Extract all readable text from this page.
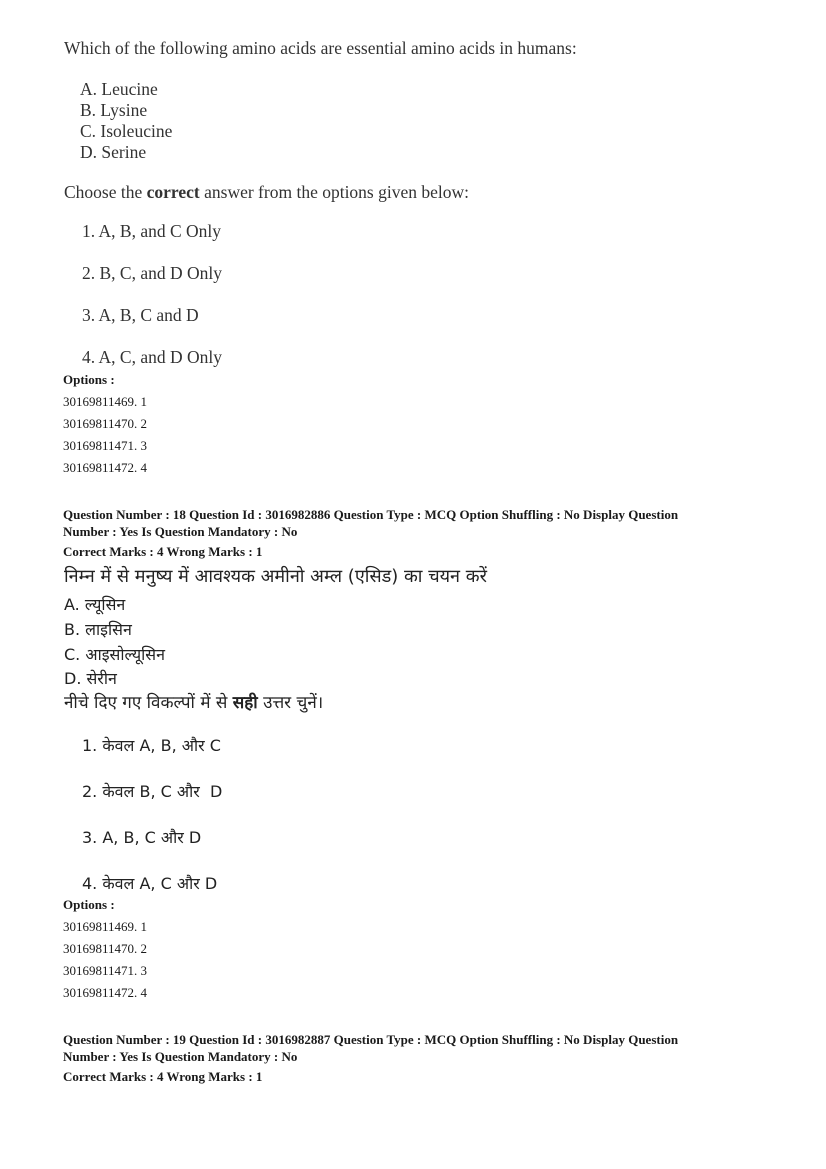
Which of the following amino acids are essential amino acids in humans:
A. Leucine
B. Lysine
C. Isoleucine
D. Serine
Choose the correct answer from the options given below:
1. A, B, and C Only
2. B, C, and D Only
3. A, B, C and D
4. A, C, and D Only
Options :
30169811469. 1
30169811470. 2
30169811471. 3
30169811472. 4
Question Number : 18 Question Id : 3016982886 Question Type : MCQ Option Shuffling : No Display Question
Number : Yes Is Question Mandatory : No
Correct Marks : 4 Wrong Marks : 1
निम्न में से मनुष्य में आवश्यक अमीनो अम्ल (एसिड) का चयन करें
A. ल्यूसिन
B. लाइसिन
C. आइसोल्यूसिन
D. सेरीन
नीचे दिए गए विकल्पों में से सही उत्तर चुनें।
1. केवल A, B, और C
2. केवल B, C और  D
3. A, B, C और D
4. केवल A, C और D
Options :
30169811469. 1
30169811470. 2
30169811471. 3
30169811472. 4
Question Number : 19 Question Id : 3016982887 Question Type : MCQ Option Shuffling : No Display Question
Number : Yes Is Question Mandatory : No
Correct Marks : 4 Wrong Marks : 1
